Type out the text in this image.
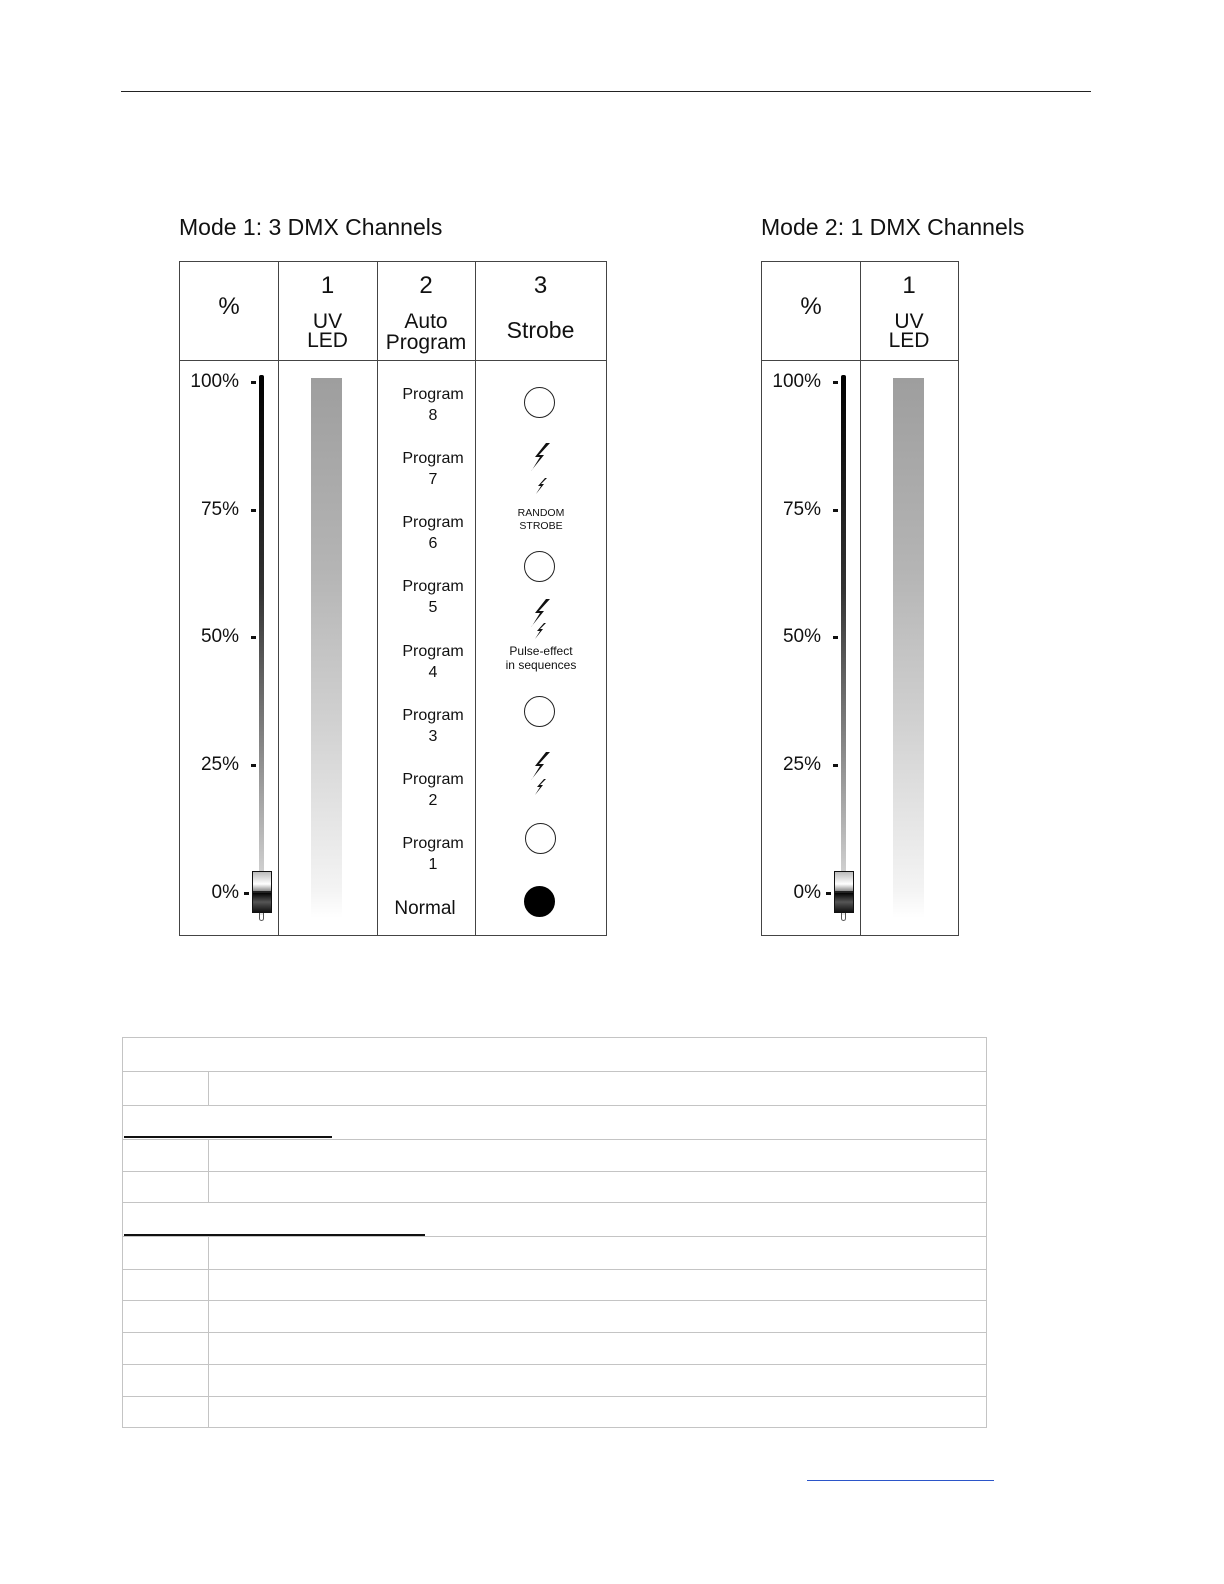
Mode 1: 3 DMX Channels
%
1
UV
LED
2
Auto
Program
3
Strobe
100%
75%
50%
25%
0%
Program
8
Program
7
Program
6
Program
5
Program
4
Program
3
Program
2
Program
1
Normal
RANDOM
STROBE
Pulse-effect
in sequences
Mode 2: 1 DMX Channels
%
1
UV
LED
100%
75%
50%
25%
0%
